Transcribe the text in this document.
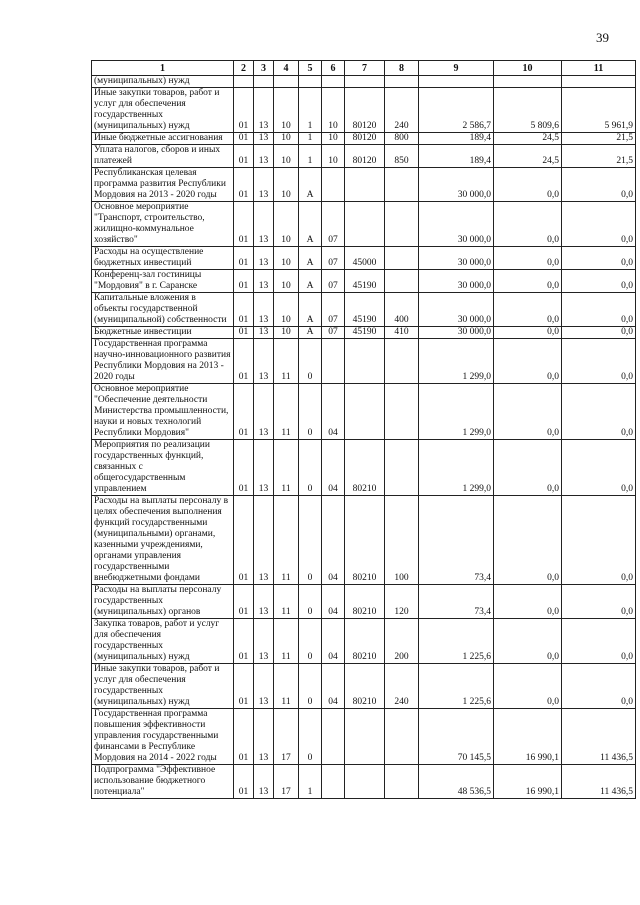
39
1	2	3	4	5	6	7	8	9	10	11
(муниципальных) нужд										
Иные закупки товаров, работ и услуг для обеспечения государственных (муниципальных) нужд	01	13	10	1	10	80120	240	2 586,7	5 809,6	5 961,9
Иные бюджетные ассигнования	01	13	10	1	10	80120	800	189,4	24,5	21,5
Уплата налогов, сборов и иных платежей	01	13	10	1	10	80120	850	189,4	24,5	21,5
Республиканская целевая программа развития Республики Мордовия на 2013 - 2020 годы	01	13	10	А				30 000,0	0,0	0,0
Основное мероприятие "Транспорт, строительство, жилищно-коммунальное хозяйство"	01	13	10	А	07			30 000,0	0,0	0,0
Расходы на осуществление бюджетных инвестиций	01	13	10	А	07	45000		30 000,0	0,0	0,0
Конференц-зал гостиницы "Мордовия" в г. Саранске	01	13	10	А	07	45190		30 000,0	0,0	0,0
Капитальные вложения в объекты государственной (муниципальной) собственности	01	13	10	А	07	45190	400	30 000,0	0,0	0,0
Бюджетные инвестиции	01	13	10	А	07	45190	410	30 000,0	0,0	0,0
Государственная программа научно-инновационного развития Республики Мордовия на 2013 - 2020 годы	01	13	11	0				1 299,0	0,0	0,0
Основное мероприятие "Обеспечение деятельности Министерства промышленности, науки и новых технологий Республики Мордовия"	01	13	11	0	04			1 299,0	0,0	0,0
Мероприятия по реализации государственных функций, связанных с общегосударственным управлением	01	13	11	0	04	80210		1 299,0	0,0	0,0
Расходы на выплаты персоналу в целях обеспечения выполнения функций государственными (муниципальными) органами, казенными учреждениями, органами управления государственными внебюджетными фондами	01	13	11	0	04	80210	100	73,4	0,0	0,0
Расходы на выплаты персоналу государственных (муниципальных) органов	01	13	11	0	04	80210	120	73,4	0,0	0,0
Закупка товаров, работ и услуг для обеспечения государственных (муниципальных) нужд	01	13	11	0	04	80210	200	1 225,6	0,0	0,0
Иные закупки товаров, работ и услуг для обеспечения государственных (муниципальных) нужд	01	13	11	0	04	80210	240	1 225,6	0,0	0,0
Государственная программа повышения эффективности управления государственными финансами в Республике Мордовия на 2014 - 2022 годы	01	13	17	0				70 145,5	16 990,1	11 436,5
Подпрограмма "Эффективное использование бюджетного потенциала"	01	13	17	1				48 536,5	16 990,1	11 436,5
